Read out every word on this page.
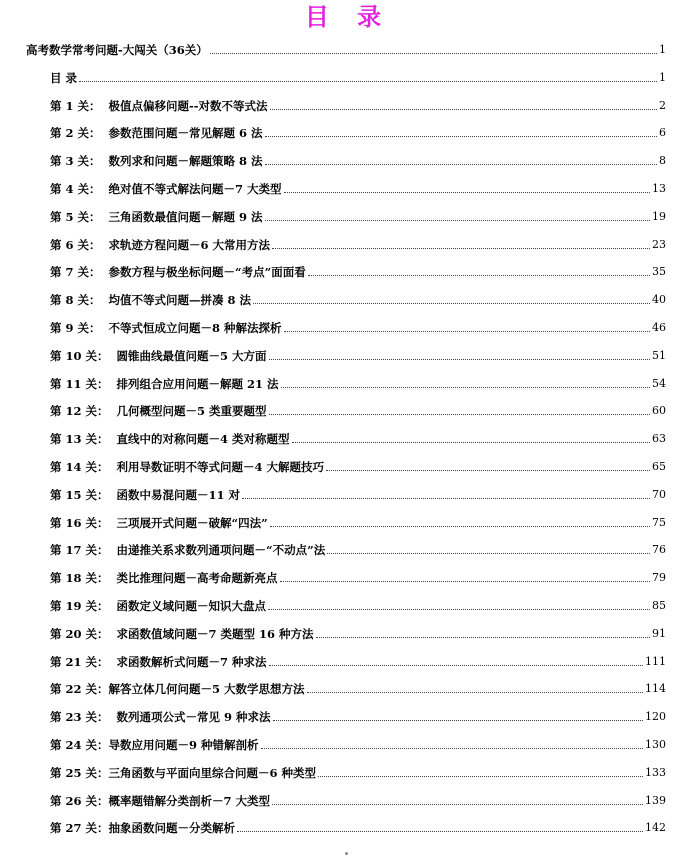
目 录
高考数学常考问题-大闯关（36关）	1
目 录	1
第 1 关： 极值点偏移问题--对数不等式法	2
第 2 关： 参数范围问题－常见解题 6 法	6
第 3 关： 数列求和问题－解题策略 8 法	8
第 4 关： 绝对值不等式解法问题－7 大类型	13
第 5 关： 三角函数最值问题－解题 9 法	19
第 6 关： 求轨迹方程问题－6 大常用方法	23
第 7 关： 参数方程与极坐标问题－“考点”面面看	35
第 8 关： 均值不等式问题—拼凑 8 法	40
第 9 关： 不等式恒成立问题－8 种解法探析	46
第 10 关： 圆锥曲线最值问题－5 大方面	51
第 11 关： 排列组合应用问题－解题 21 法	54
第 12 关： 几何概型问题－5 类重要题型	60
第 13 关： 直线中的对称问题－4 类对称题型	63
第 14 关： 利用导数证明不等式问题－4 大解题技巧	65
第 15 关： 函数中易混问题－11 对	70
第 16 关： 三项展开式问题－破解“四法”	75
第 17 关： 由递推关系求数列通项问题－“不动点”法	76
第 18 关： 类比推理问题－高考命题新亮点	79
第 19 关： 函数定义域问题－知识大盘点	85
第 20 关： 求函数值域问题－7 类题型 16 种方法	91
第 21 关： 求函数解析式问题－7 种求法	111
第 22 关： 解答立体几何问题－5 大数学思想方法	114
第 23 关： 数列通项公式－常见 9 种求法	120
第 24 关： 导数应用问题－9 种错解剖析	130
第 25 关： 三角函数与平面向里综合问题－6 种类型	133
第 26 关： 概率题错解分类剖析－7 大类型	139
第 27 关： 抽象函数问题－分类解析	142
